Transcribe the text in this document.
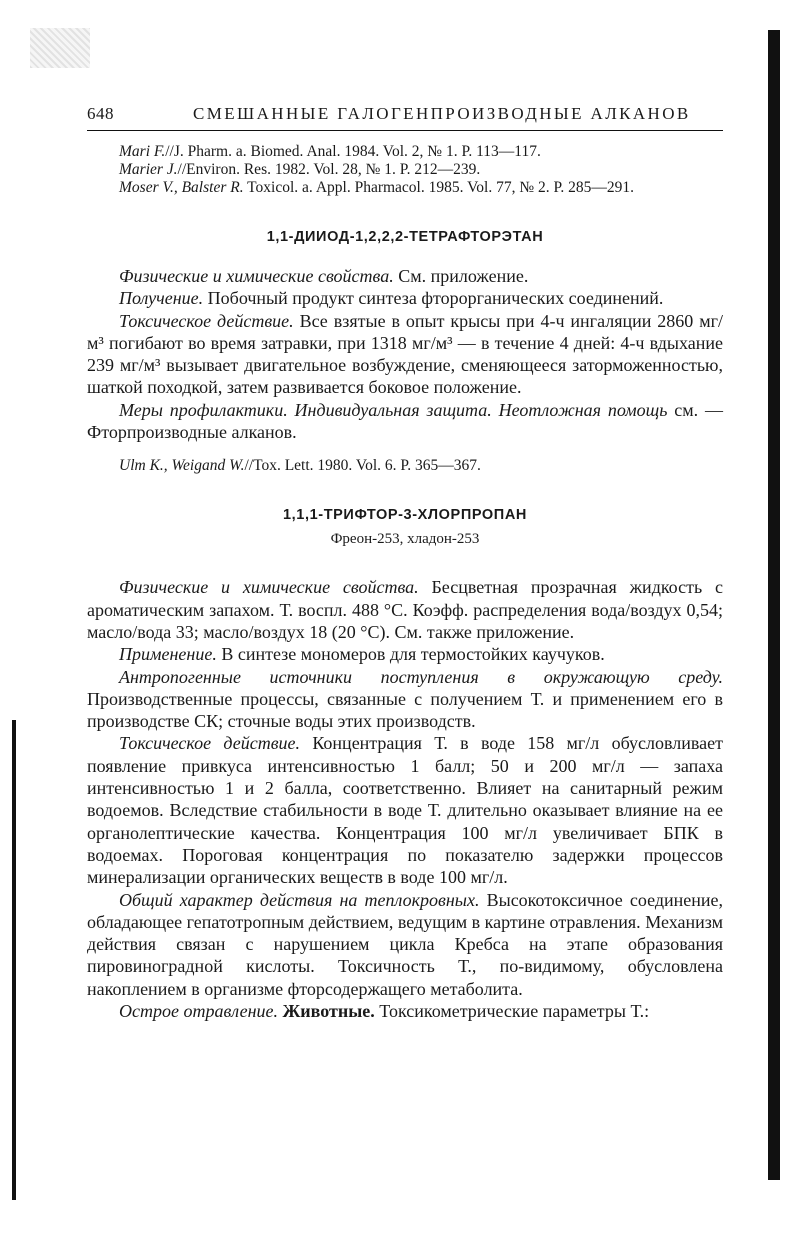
648	СМЕШАННЫЕ ГАЛОГЕНПРОИЗВОДНЫЕ АЛКАНОВ

Mari F.//J. Pharm. a. Biomed. Anal. 1984. Vol. 2, № 1. P. 113—117.

Marier J.//Environ. Res. 1982. Vol. 28, № 1. P. 212—239.

Moser V., Balster R. Toxicol. a. Appl. Pharmacol. 1985. Vol. 77, № 2. P. 285—291.

1,1-ДИИОД-1,2,2,2-ТЕТРАФТОРЭТАН

Физические и химические свойства. См. приложение.

Получение. Побочный продукт синтеза фторорганических соединений.

Токсическое действие. Все взятые в опыт крысы при 4-ч ингаляции 2860 мг/м³ погибают во время затравки, при 1318 мг/м³ — в течение 4 дней: 4-ч вдыхание 239 мг/м³ вызывает двигательное возбуждение, сменяющееся заторможенностью, шаткой походкой, затем развивается боковое положение.

Меры профилактики. Индивидуальная защита. Неотложная помощь см. — Фторпроизводные алканов.

Ulm K., Weigand W.//Tox. Lett. 1980. Vol. 6. P. 365—367.

1,1,1-ТРИФТОР-3-ХЛОРПРОПАН

Фреон-253, хладон-253

Физические и химические свойства. Бесцветная прозрачная жидкость с ароматическим запахом. Т. воспл. 488 °С. Коэфф. распределения вода/воздух 0,54; масло/вода 33; масло/воздух 18 (20 °С). См. также приложение.

Применение. В синтезе мономеров для термостойких каучуков.

Антропогенные источники поступления в окружающую среду. Производственные процессы, связанные с получением Т. и применением его в производстве СК; сточные воды этих производств.

Токсическое действие. Концентрация Т. в воде 158 мг/л обусловливает появление привкуса интенсивностью 1 балл; 50 и 200 мг/л — запаха интенсивностью 1 и 2 балла, соответственно. Влияет на санитарный режим водоемов. Вследствие стабильности в воде Т. длительно оказывает влияние на ее органолептические качества. Концентрация 100 мг/л увеличивает БПК в водоемах. Пороговая концентрация по показателю задержки процессов минерализации органических веществ в воде 100 мг/л.

Общий характер действия на теплокровных. Высокотоксичное соединение, обладающее гепатотропным действием, ведущим в картине отравления. Механизм действия связан с нарушением цикла Кребса на этапе образования пировиноградной кислоты. Токсичность Т., по-видимому, обусловлена накоплением в организме фторсодержащего метаболита.

Острое отравление. Животные. Токсикометрические параметры Т.:
